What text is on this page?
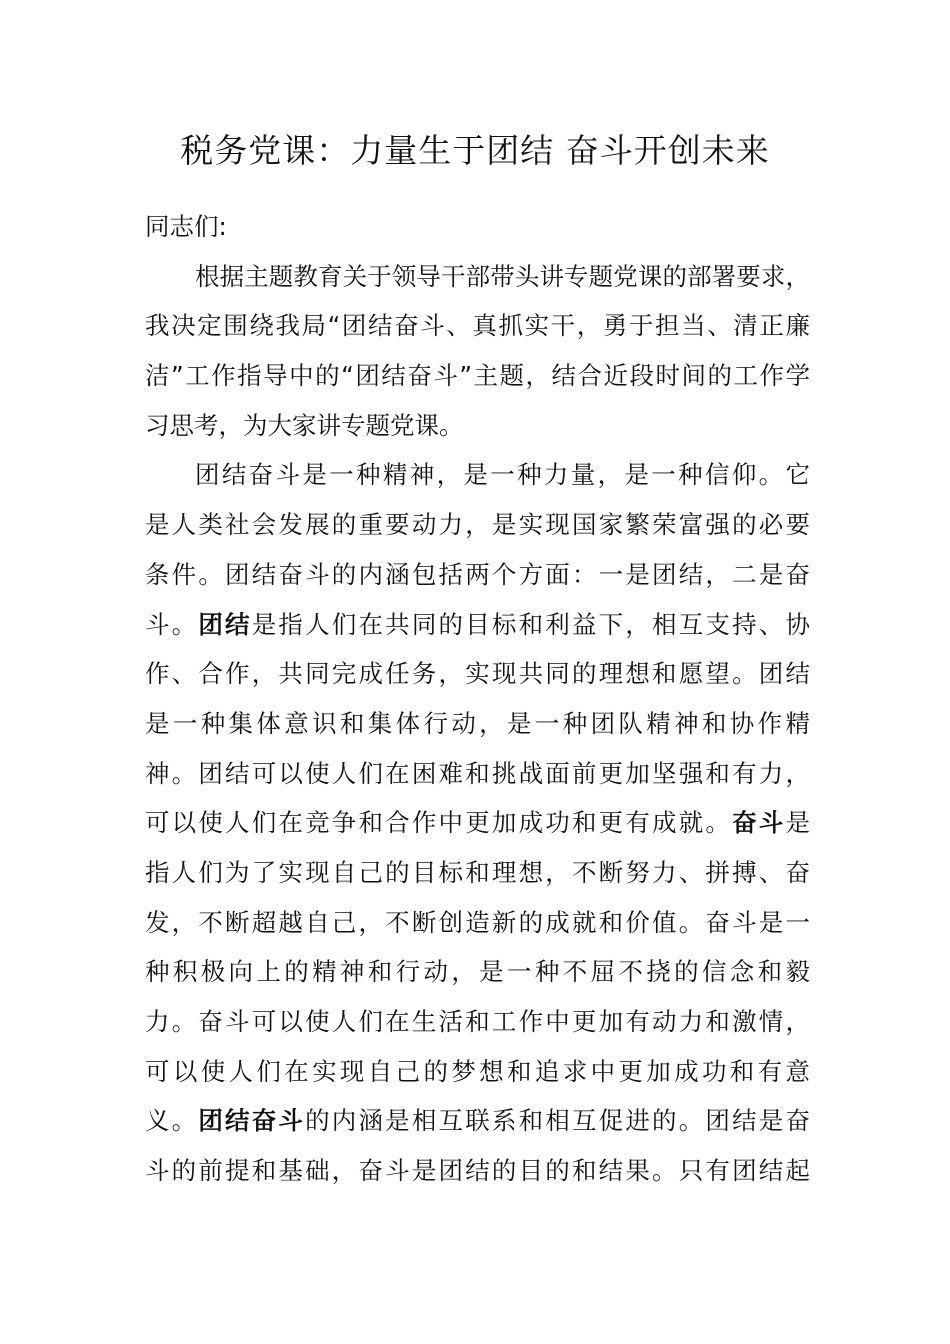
税务党课：力量生于团结 奋斗开创未来

同志们:

根据主题教育关于领导干部带头讲专题党课的部署要求，
我决定围绕我局“团结奋斗、真抓实干，勇于担当、清正廉
洁”工作指导中的“团结奋斗”主题，结合近段时间的工作学
习思考，为大家讲专题党课。

团结奋斗是一种精神，是一种力量，是一种信仰。它
是人类社会发展的重要动力，是实现国家繁荣富强的必要
条件。团结奋斗的内涵包括两个方面：一是团结，二是奋
斗。团结是指人们在共同的目标和利益下，相互支持、协
作、合作，共同完成任务，实现共同的理想和愿望。团结
是一种集体意识和集体行动，是一种团队精神和协作精
神。团结可以使人们在困难和挑战面前更加坚强和有力，
可以使人们在竞争和合作中更加成功和更有成就。奋斗是
指人们为了实现自己的目标和理想，不断努力、拼搏、奋
发，不断超越自己，不断创造新的成就和价值。奋斗是一
种积极向上的精神和行动，是一种不屈不挠的信念和毅
力。奋斗可以使人们在生活和工作中更加有动力和激情，
可以使人们在实现自己的梦想和追求中更加成功和有意
义。团结奋斗的内涵是相互联系和相互促进的。团结是奋
斗的前提和基础，奋斗是团结的目的和结果。只有团结起
